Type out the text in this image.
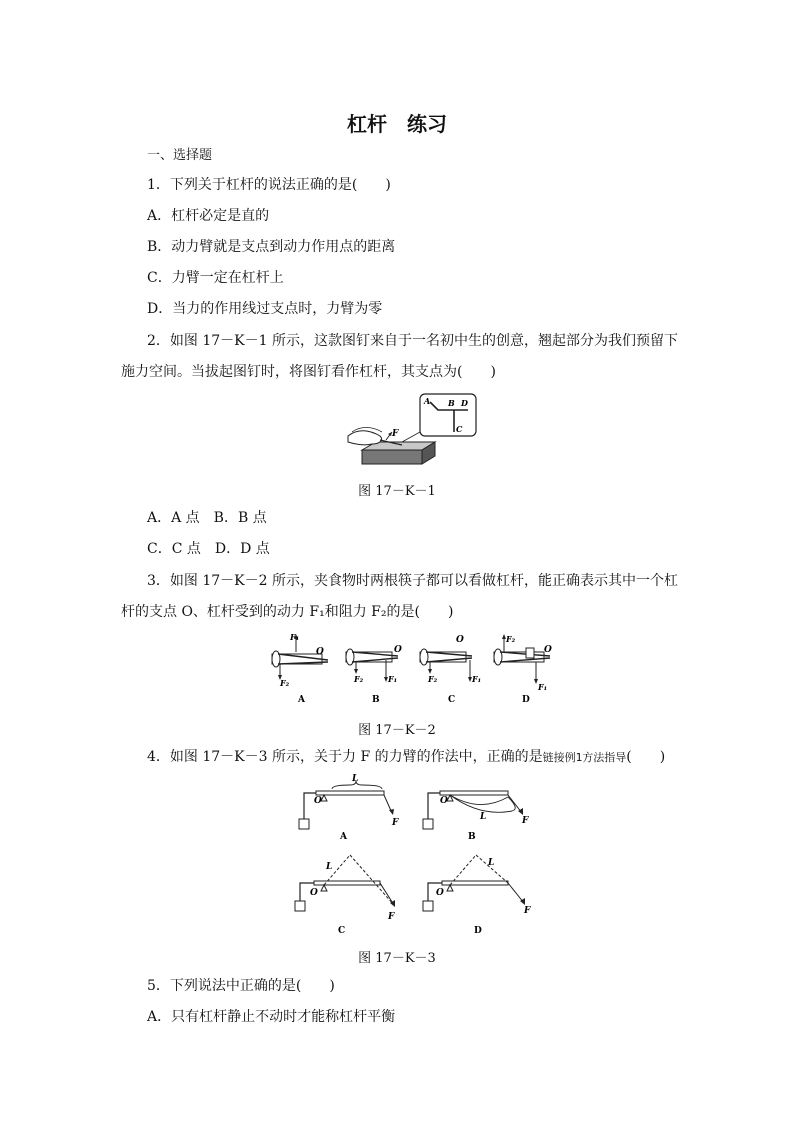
杠杆　练习
一、选择题
1．下列关于杠杆的说法正确的是(　　)
A．杠杆必定是直的
B．动力臂就是支点到动力作用点的距离
C．力臂一定在杠杆上
D．当力的作用线过支点时，力臂为零
2．如图 17－K－1 所示，这款图钉来自于一名初中生的创意，翘起部分为我们预留下
施力空间。当拔起图钉时，将图钉看作杠杆，其支点为(　　)
F
A B D
C
图 17－K－1
A．A 点　B．B 点
C．C 点　D．D 点
3．如图 17－K－2 所示，夹食物时两根筷子都可以看做杠杆，能正确表示其中一个杠
杆的支点 O、杠杆受到的动力 F₁和阻力 F₂的是(　　)
F₁
F₂
O
A
F₁
F₂
O
B
F₁
F₂
O
C
F₁
F₂
O
D
图 17－K－2
4．如图 17－K－3 所示，关于力 F 的力臂的作法中，正确的是链接例1方法指导(　　)
O
L
F
A
O
L	F
B
O
L
F
C
O
L
F
D
图 17－K－3
5．下列说法中正确的是(　　)
A．只有杠杆静止不动时才能称杠杆平衡
